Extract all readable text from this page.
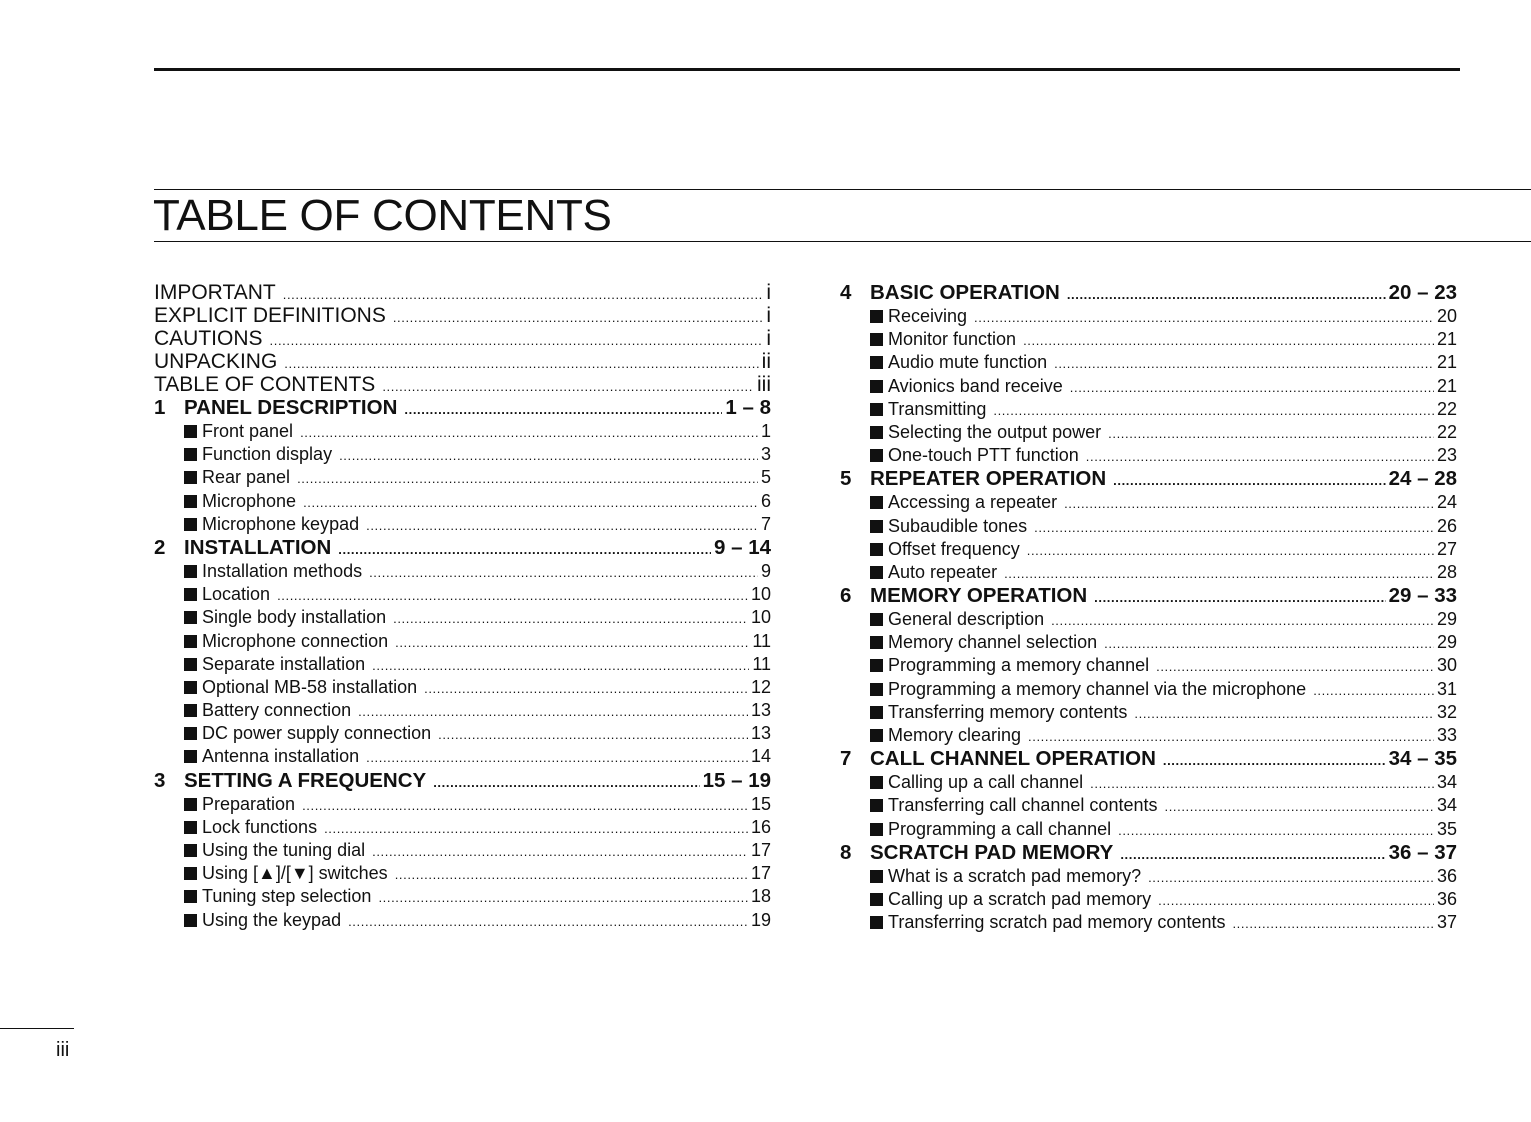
TABLE OF CONTENTS
IMPORTANT .....	i
EXPLICIT DEFINITIONS .....	i
CAUTIONS .....	i
UNPACKING .....	ii
TABLE OF CONTENTS .....	iii
1 PANEL DESCRIPTION .....	1 – 8
Front panel .....	1
Function display .....	3
Rear panel .....	5
Microphone .....	6
Microphone keypad .....	7
2 INSTALLATION .....	9 – 14
Installation methods .....	9
Location .....	10
Single body installation .....	10
Microphone connection .....	11
Separate installation .....	11
Optional MB-58 installation .....	12
Battery connection .....	13
DC power supply connection .....	13
Antenna installation .....	14
3 SETTING A FREQUENCY .....	15 – 19
Preparation .....	15
Lock functions .....	16
Using the tuning dial .....	17
Using [▲]/[▼] switches .....	17
Tuning step selection .....	18
Using the keypad .....	19
4 BASIC OPERATION .....	20 – 23
Receiving .....	20
Monitor function .....	21
Audio mute function .....	21
Avionics band receive .....	21
Transmitting .....	22
Selecting the output power .....	22
One-touch PTT function .....	23
5 REPEATER OPERATION .....	24 – 28
Accessing a repeater .....	24
Subaudible tones .....	26
Offset frequency .....	27
Auto repeater .....	28
6 MEMORY OPERATION .....	29 – 33
General description .....	29
Memory channel selection .....	29
Programming a memory channel .....	30
Programming a memory channel via the microphone .....	31
Transferring memory contents .....	32
Memory clearing .....	33
7 CALL CHANNEL OPERATION .....	34 – 35
Calling up a call channel .....	34
Transferring call channel contents .....	34
Programming a call channel .....	35
8 SCRATCH PAD MEMORY .....	36 – 37
What is a scratch pad memory? .....	36
Calling up a scratch pad memory .....	36
Transferring scratch pad memory contents .....	37
iii
